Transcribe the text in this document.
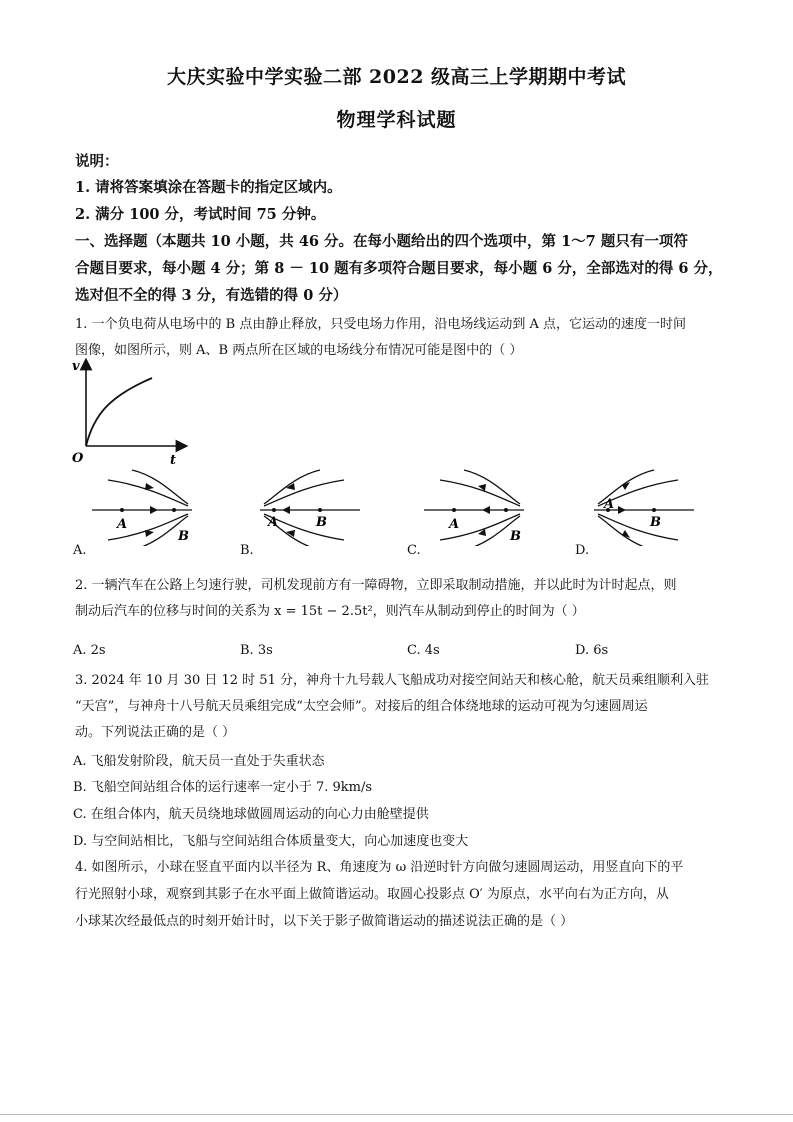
大庆实验中学实验二部 2022 级高三上学期期中考试
物理学科试题
说明：
1. 请将答案填涂在答题卡的指定区域内。
2. 满分 100 分，考试时间 75 分钟。
一、选择题（本题共 10 小题，共 46 分。在每小题给出的四个选项中，第 1～7 题只有一项符
合题目要求，每小题 4 分；第 8 － 10 题有多项符合题目要求，每小题 6 分，全部选对的得 6 分，
选对但不全的得 3 分，有选错的得 0 分）
1. 一个负电荷从电场中的 B 点由静止释放，只受电场力作用，沿电场线运动到 A 点，它运动的速度一时间
图像，如图所示，则 A、B 两点所在区域的电场线分布情况可能是图中的（ ）
v
t
O
A
B
A	B	A
B
A
B
A.	B.	C.	D.
2. 一辆汽车在公路上匀速行驶，司机发现前方有一障碍物，立即采取制动措施，并以此时为计时起点，则
制动后汽车的位移与时间的关系为 x = 15t − 2.5t²，则汽车从制动到停止的时间为（ ）
A. 2s	B. 3s	C. 4s	D. 6s
3. 2024 年 10 月 30 日 12 时 51 分，神舟十九号载人飞船成功对接空间站天和核心舱，航天员乘组顺利入驻
“天宫”，与神舟十八号航天员乘组完成“太空会师”。对接后的组合体绕地球的运动可视为匀速圆周运
动。下列说法正确的是（ ）
A. 飞船发射阶段，航天员一直处于失重状态
B. 飞船空间站组合体的运行速率一定小于 7. 9km/s
C. 在组合体内，航天员绕地球做圆周运动的向心力由舱壁提供
D. 与空间站相比，飞船与空间站组合体质量变大，向心加速度也变大
4. 如图所示，小球在竖直平面内以半径为 R、角速度为 ω 沿逆时针方向做匀速圆周运动，用竖直向下的平
行光照射小球，观察到其影子在水平面上做简谐运动。取圆心投影点 O′ 为原点，水平向右为正方向，从
小球某次经最低点的时刻开始计时，以下关于影子做简谐运动的描述说法正确的是（ ）
